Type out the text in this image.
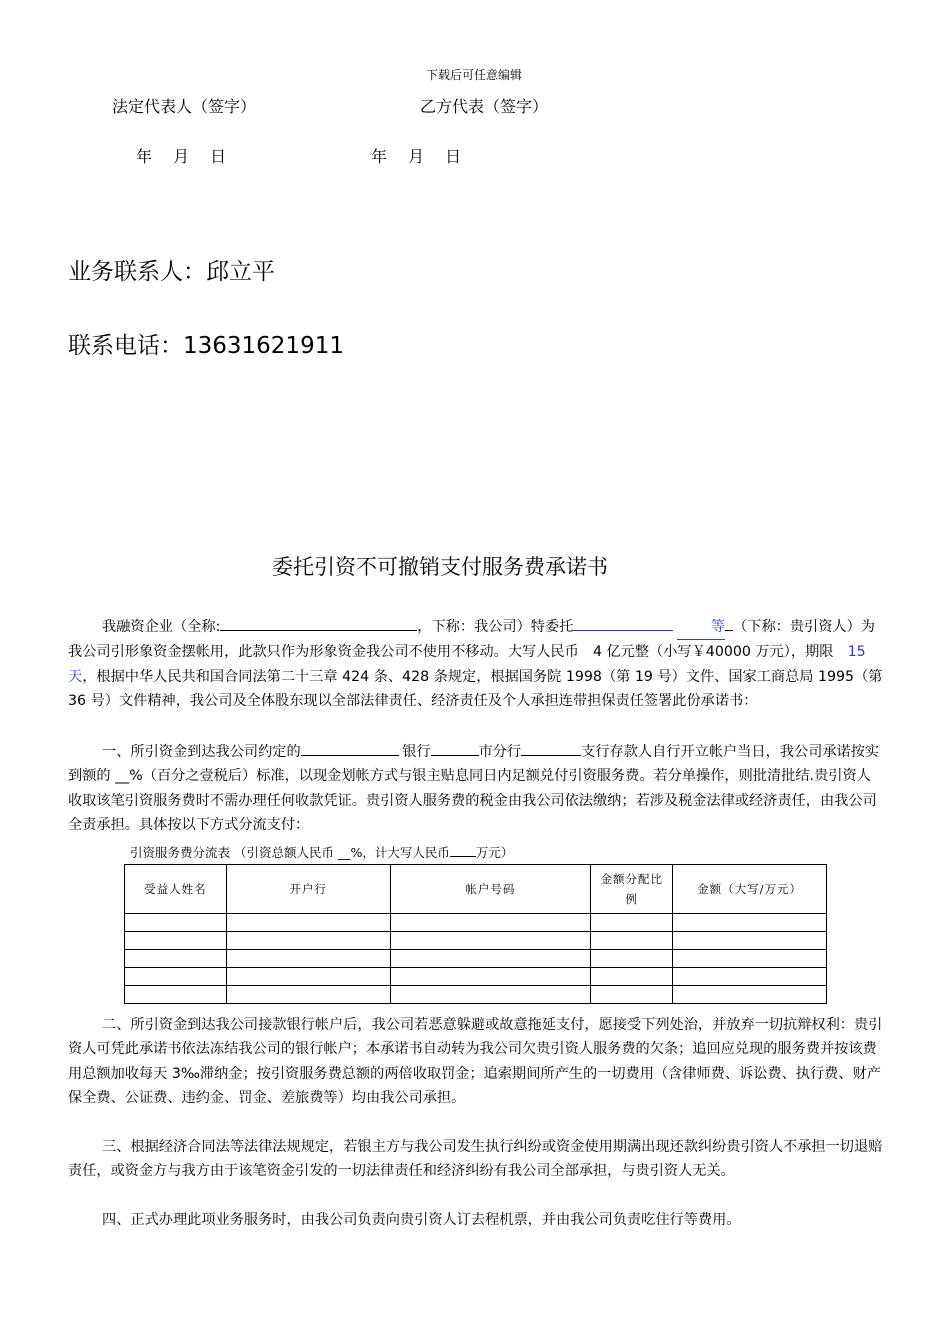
下载后可任意编辑
法定代表人（签字）	乙方代表（签字）
年　 月　 日	年　 月　 日
业务联系人：邱立平
联系电话：13631621911
委托引资不可撤销支付服务费承诺书

我融资企业（全称:	，下称：我公司）特委托 	等 （下称：贵引资人）为我公司引形象资金摆帐用，此款只作为形象资金我公司不使用不移动。大写人民币　4 亿元整（小写￥40000 万元），期限　15 天，根据中华人民共和国合同法第二十三章 424 条、428 条规定，根据国务院 1998（第 19 号）文件、国家工商总局 1995（第 36 号）文件精神，我公司及全体股东现以全部法律责任、经济责任及个人承担连带担保责任签署此份承诺书：

一、所引资金到达我公司约定的 	银行	市分行	支行存款人自行开立帐户当日，我公司承诺按实到额的 __%（百分之壹税后）标准，以现金划帐方式与银主贴息同日内足额兑付引资服务费。若分单操作，则批清批结.贵引资人收取该笔引资服务费时不需办理任何收款凭证。贵引资人服务费的税金由我公司依法缴纳；若涉及税金法律或经济责任，由我公司全责承担。具体按以下方式分流支付：

引资服务费分流表 （引资总额人民币 __%，计大写人民币 万元）
受益人姓名	开户行	帐户号码	金额分配比例	金额（大写/万元）

二、所引资金到达我公司接款银行帐户后，我公司若恶意躲避或故意拖延支付，愿接受下列处治，并放弃一切抗辩权利：贵引资人可凭此承诺书依法冻结我公司的银行帐户；本承诺书自动转为我公司欠贵引资人服务费的欠条；追回应兑现的服务费并按该费用总额加收每天 3‰滞纳金；按引资服务费总额的两倍收取罚金；追索期间所产生的一切费用（含律师费、诉讼费、执行费、财产保全费、公证费、违约金、罚金、差旅费等）均由我公司承担。

三、根据经济合同法等法律法规规定，若银主方与我公司发生执行纠纷或资金使用期满出现还款纠纷贵引资人不承担一切退赔责任，或资金方与我方由于该笔资金引发的一切法律责任和经济纠纷有我公司全部承担，与贵引资人无关。

四、正式办理此项业务服务时，由我公司负责向贵引资人订去程机票，并由我公司负责吃住行等费用。
